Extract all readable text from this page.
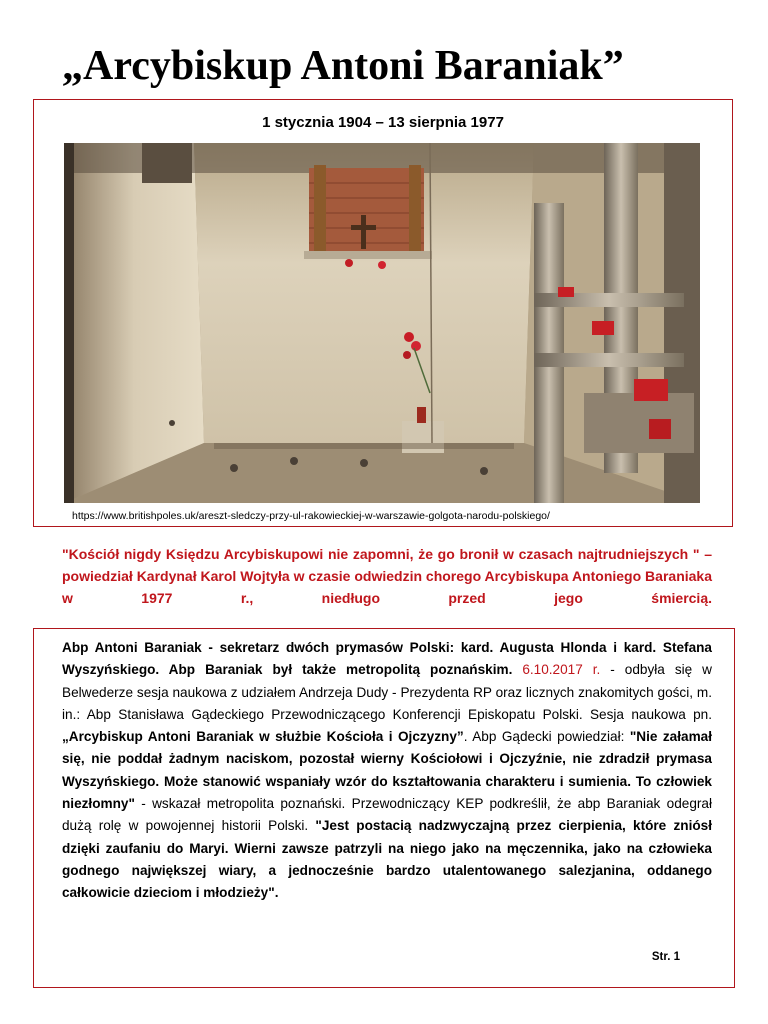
„Arcybiskup Antoni Baraniak”
1 stycznia 1904 – 13 sierpnia 1977
https://www.britishpoles.uk/areszt-sledczy-przy-ul-rakowieckiej-w-warszawie-golgota-narodu-polskiego/

"Kościół nigdy Księdzu Arcybiskupowi nie zapomni, że go bronił w czasach najtrudniejszych " – powiedział Kardynał Karol Wojtyła w czasie odwiedzin chorego Arcybiskupa Antoniego Baraniaka w 1977 r., niedługo przed jego śmiercią.

Abp Antoni Baraniak - sekretarz dwóch prymasów Polski: kard. Augusta Hlonda i kard. Stefana Wyszyńskiego. Abp Baraniak był także metropolitą poznańskim. 6.10.2017 r. - odbyła się w Belwederze sesja naukowa z udziałem Andrzeja Dudy - Prezydenta RP oraz licznych znakomitych gości, m. in.: Abp Stanisława Gądeckiego Przewodniczącego Konferencji Episkopatu Polski. Sesja naukowa pn. „Arcybiskup Antoni Baraniak w służbie Kościoła i Ojczyzny”. Abp Gądecki powiedział: "Nie załamał się, nie poddał żadnym naciskom, pozostał wierny Kościołowi i Ojczyźnie, nie zdradził prymasa Wyszyńskiego. Może stanowić wspaniały wzór do kształtowania charakteru i sumienia. To człowiek niezłomny" - wskazał metropolita poznański. Przewodniczący KEP podkreślił, że abp Baraniak odegrał dużą rolę w powojennej historii Polski. "Jest postacią nadzwyczajną przez cierpienia, które zniósł dzięki zaufaniu do Maryi. Wierni zawsze patrzyli na niego jako na męczennika, jako na człowieka godnego największej wiary, a jednocześnie bardzo utalentowanego salezjanina, oddanego całkowicie dzieciom i młodzieży".

Str. 1
